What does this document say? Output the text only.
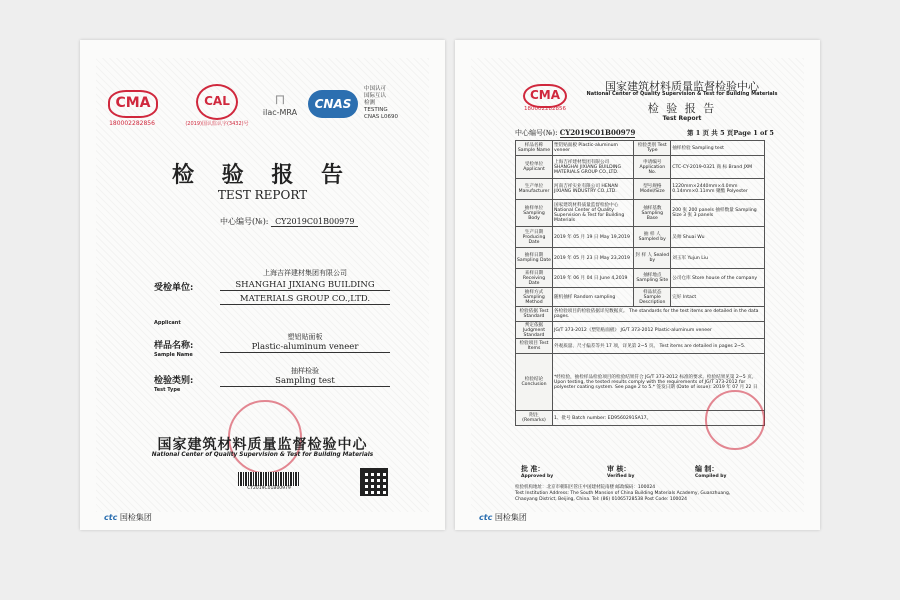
CMA
180002282856
CAL
(2019)国认监认字(3432)号
⊓
ilac-MRA
CNAS
中国认可
国际互认
检测
TESTING
CNAS L0690
检 验 报 告
TEST REPORT
中心编号(№): CY2019C01B00979
受检单位:
Applicant
上海吉祥建材集团有限公司
SHANGHAI JIXIANG BUILDING
MATERIALS GROUP CO.,LTD.
样品名称:
Sample Name
塑铝贴面板
Plastic-aluminum veneer
检验类别:
Test Type
抽样检验
Sampling test
国家建筑材料质量监督检验中心
National Center of Quality Supervision & Test for Building Materials
CY2019C01B00979
ctc 国检集团
CMA
180002282856
国家建筑材料质量监督检验中心
National Center of Quality Supervision & Test for Building Materials
检 验 报 告
Test Report
中心编号(№): CY2019C01B00979	第 1 页 共 5 页Page 1 of 5
样品名称 Sample Name	塑铝贴面板 Plastic-aluminum veneer	检验类别 Test Type	抽样检验 Sampling test
受检单位 Applicant	上海吉祥建材集团有限公司 SHANGHAI JIXIANG BUILDING MATERIALS GROUP CO.,LTD.	申请编号 Application No.	CTC-CY-2019-0321 商 标 Brand JXM
生产单位 Manufacturer	河南吉祥实业有限公司 HENAN JIXIANG INDUSTRY CO.,LTD.	型号规格 Model/Size	1220mm×2440mm×4.0mm 0.14mm×0.11mm 聚酯 Polyester
抽样单位 Sampling Body	国家建筑材料质量监督检验中心 National Center of Quality Supervision & Test for Building Materials	抽样基数 Sampling Base	200 张 200 panels 抽样数量 Sampling Size 3 张 3 panels
生产日期 Producing Date	2019 年 05 月 19 日 May 19,2019	抽 样 人 Sampled by	吴帅 Shuai Wu
抽样日期 Sampling Date	2019 年 05 月 23 日 May 23,2019	封 样 人 Sealed by	刘玉军 Yujun Liu
来样日期 Receiving Date	2019 年 06 月 04 日 June 4,2019	抽样地点 Sampling Site	公司仓库 Store house of the company
抽样方式 Sampling Method	随机抽样 Random sampling	样品状态 Sample Description	完好 Intact
检验依据 Test Standard	各检验项目的检验依据详见数据页。 The standards for the test items are detailed in the data pages.		
判定依据 Judgment Standard	JG/T 373-2012《塑铝贴面板》 JG/T 373-2012 Plastic-aluminum veneer		
检验项目 Test Items	外观质量、尺寸偏差等共 17 项，详见第 2~5 页。 Test items are detailed in pages 2~5.		
检验结论 Conclusion	*经检验，抽检样品检验项目的检验结果符合 JG/T 373-2012 标准的要求。检验结果见第 2~5 页。Upon testing, the tested results comply with the requirements of JG/T 373-2012 for polyester coating system. See page 2 to 5.* 签发日期 (Date of issue): 2019 年 07 月 22 日		
附注 (Remarks)	1、批号 Batch number: ED9560291SA17。		
批 准：
Approved by
审 核：
Verified by
编 制：
Compiled by
检验机构地址：北京市朝阳区管庄中国建材院南楼 邮政编码：100024
Test Institution Address: The South Mansion of China Building Materials Academy, Guanzhuang,
Chaoyang District, Beijing, China. Tel: (86) 01065728538 Post Code: 100024
ctc 国检集团
